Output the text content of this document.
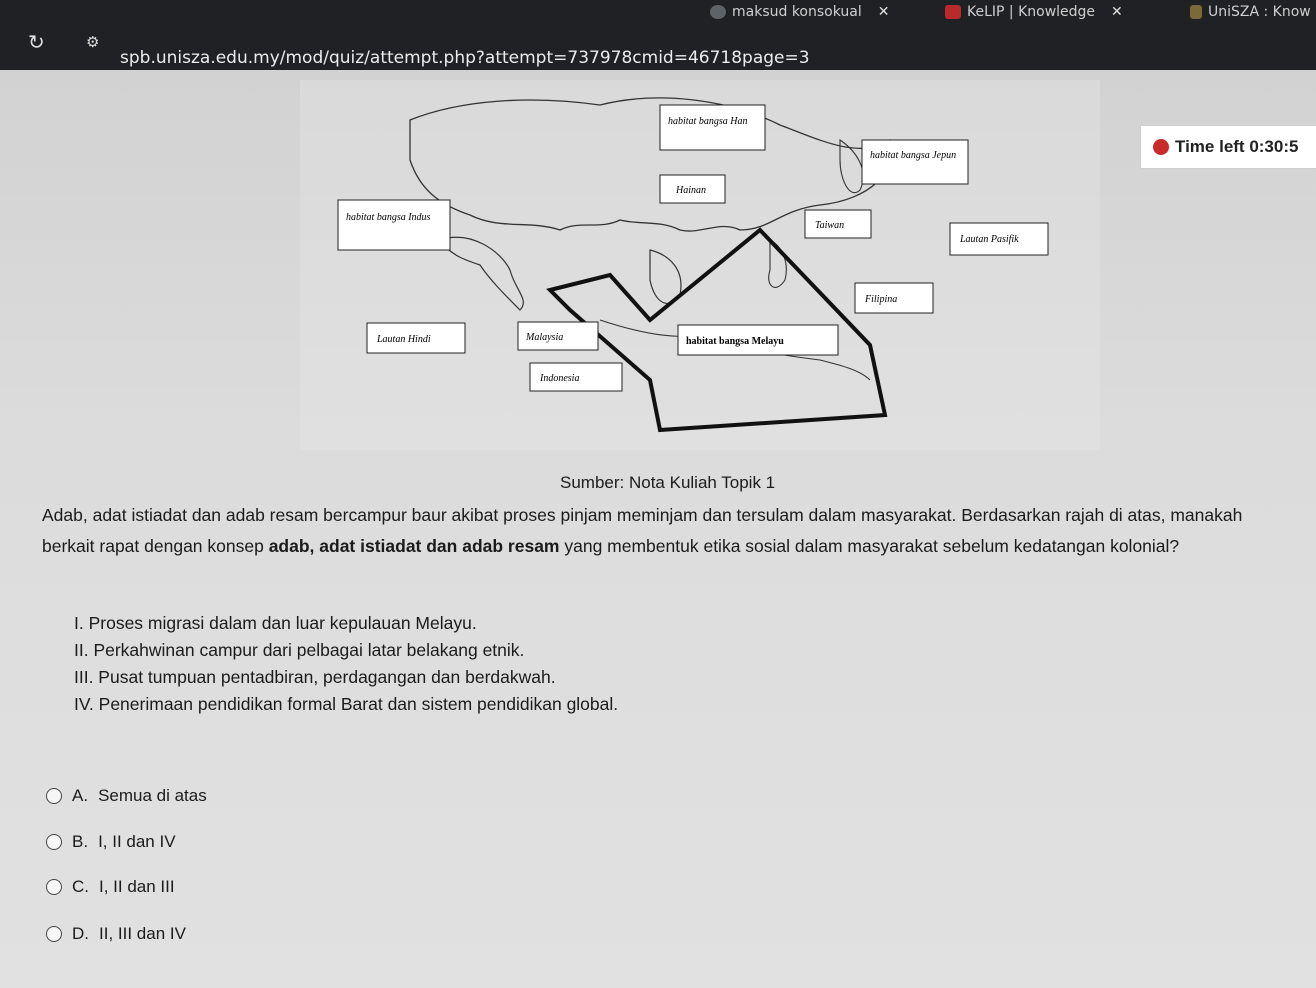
maksud konsokual ✕	KeLIP | Knowledge ✕	UniSZA : Know
↻	⚙
spb.unisza.edu.my/mod/quiz/attempt.php?attempt=737978cmid=46718page=3
Time left 0:30:5
habitat bangsa Han
habitat bangsa Jepun
Hainan
habitat bangsa Indus
Taiwan
Lautan Pasifik
Filipina
Lautan Hindi	Malaysia	habitat bangsa Melayu
Indonesia
Sumber: Nota Kuliah Topik 1
Adab, adat istiadat dan adab resam bercampur baur akibat proses pinjam meminjam dan tersulam dalam masyarakat. Berdasarkan rajah di atas, manakah berkait rapat dengan konsep adab, adat istiadat dan adab resam yang membentuk etika sosial dalam masyarakat sebelum kedatangan kolonial?
I. Proses migrasi dalam dan luar kepulauan Melayu.
II. Perkahwinan campur dari pelbagai latar belakang etnik.
III. Pusat tumpuan pentadbiran, perdagangan dan berdakwah.
IV. Penerimaan pendidikan formal Barat dan sistem pendidikan global.
A. Semua di atas
B. I, II dan IV
C. I, II dan III
D. II, III dan IV
